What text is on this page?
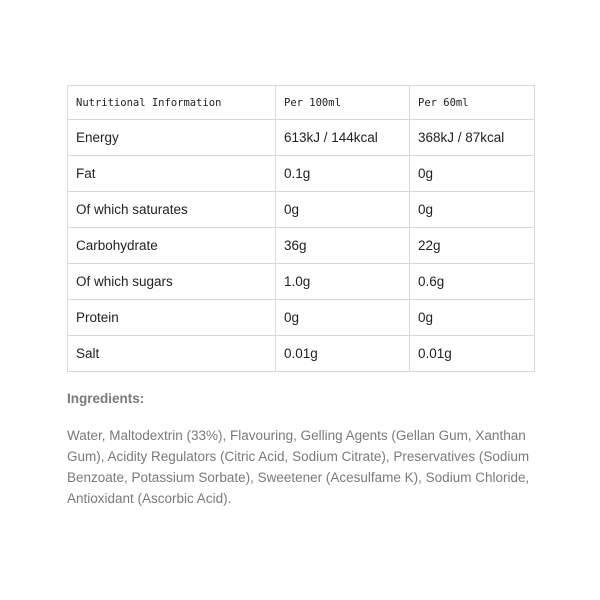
Nutritional Information	Per 100ml	Per 60ml
Energy	613kJ / 144kcal	368kJ / 87kcal
Fat	0.1g	0g
Of which saturates	0g	0g
Carbohydrate	36g	22g
Of which sugars	1.0g	0.6g
Protein	0g	0g
Salt	0.01g	0.01g
Ingredients:

Water, Maltodextrin (33%), Flavouring, Gelling Agents (Gellan Gum, Xanthan Gum), Acidity Regulators (Citric Acid, Sodium Citrate), Preservatives (Sodium Benzoate, Potassium Sorbate), Sweetener (Acesulfame K), Sodium Chloride, Antioxidant (Ascorbic Acid).
